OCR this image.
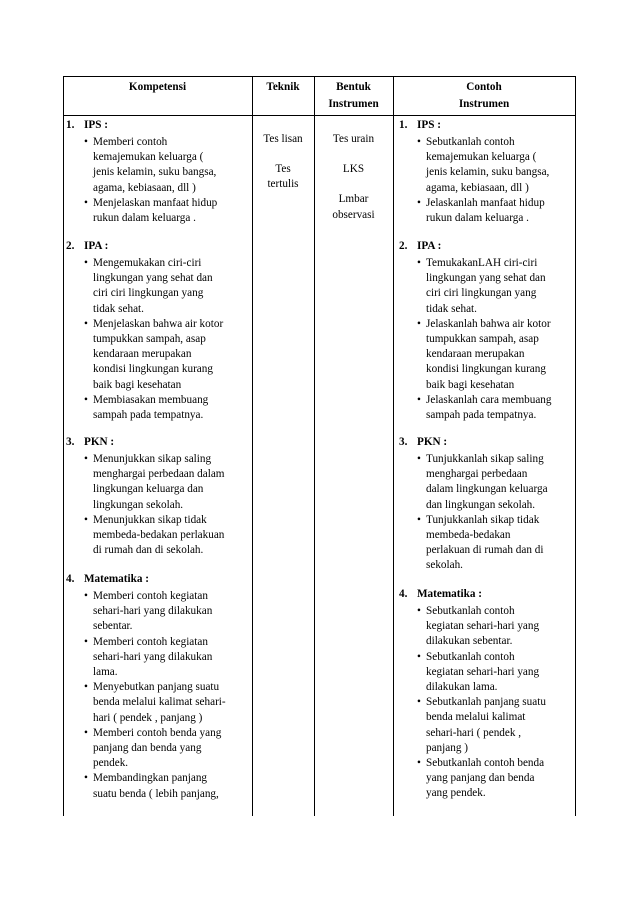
Kompetensi	Teknik	Bentuk
Instrumen
Contoh
Instrumen
1. IPS :
• Memberi contoh
kemajemukan keluarga (
jenis kelamin, suku bangsa,
agama, kebiasaan, dll )
• Menjelaskan manfaat hidup
rukun dalam keluarga .
2. IPA :
• Mengemukakan ciri-ciri
lingkungan yang sehat dan
ciri ciri lingkungan yang
tidak sehat.
• Menjelaskan bahwa air kotor
tumpukkan sampah, asap
kendaraan merupakan
kondisi lingkungan kurang
baik bagi kesehatan
• Membiasakan membuang
sampah pada tempatnya.
3. PKN :
• Menunjukkan sikap saling
menghargai perbedaan dalam
lingkungan keluarga dan
lingkungan sekolah.
• Menunjukkan sikap tidak
membeda-bedakan perlakuan
di rumah dan di sekolah.
4. Matematika :
• Memberi contoh kegiatan
sehari-hari yang dilakukan
sebentar.
• Memberi contoh kegiatan
sehari-hari yang dilakukan
lama.
• Menyebutkan panjang suatu
benda melalui kalimat sehari-
hari ( pendek , panjang )
• Memberi contoh benda yang
panjang dan benda yang
pendek.
• Membandingkan panjang
suatu benda ( lebih panjang,
Tes lisan
Tes
tertulis
Tes urain
LKS
Lmbar
observasi
1. IPS :
• Sebutkanlah contoh
kemajemukan keluarga (
jenis kelamin, suku bangsa,
agama, kebiasaan, dll )
• Jelaskanlah manfaat hidup
rukun dalam keluarga .
2. IPA :
• TemukakanLAH ciri-ciri
lingkungan yang sehat dan
ciri ciri lingkungan yang
tidak sehat.
• Jelaskanlah bahwa air kotor
tumpukkan sampah, asap
kendaraan merupakan
kondisi lingkungan kurang
baik bagi kesehatan
• Jelaskanlah cara membuang
sampah pada tempatnya.
3. PKN :
• Tunjukkanlah sikap saling
menghargai perbedaan
dalam lingkungan keluarga
dan lingkungan sekolah.
• Tunjukkanlah sikap tidak
membeda-bedakan
perlakuan di rumah dan di
sekolah.
4. Matematika :
• Sebutkanlah contoh
kegiatan sehari-hari yang
dilakukan sebentar.
• Sebutkanlah contoh
kegiatan sehari-hari yang
dilakukan lama.
• Sebutkanlah panjang suatu
benda melalui kalimat
sehari-hari ( pendek ,
panjang )
• Sebutkanlah contoh benda
yang panjang dan benda
yang pendek.
